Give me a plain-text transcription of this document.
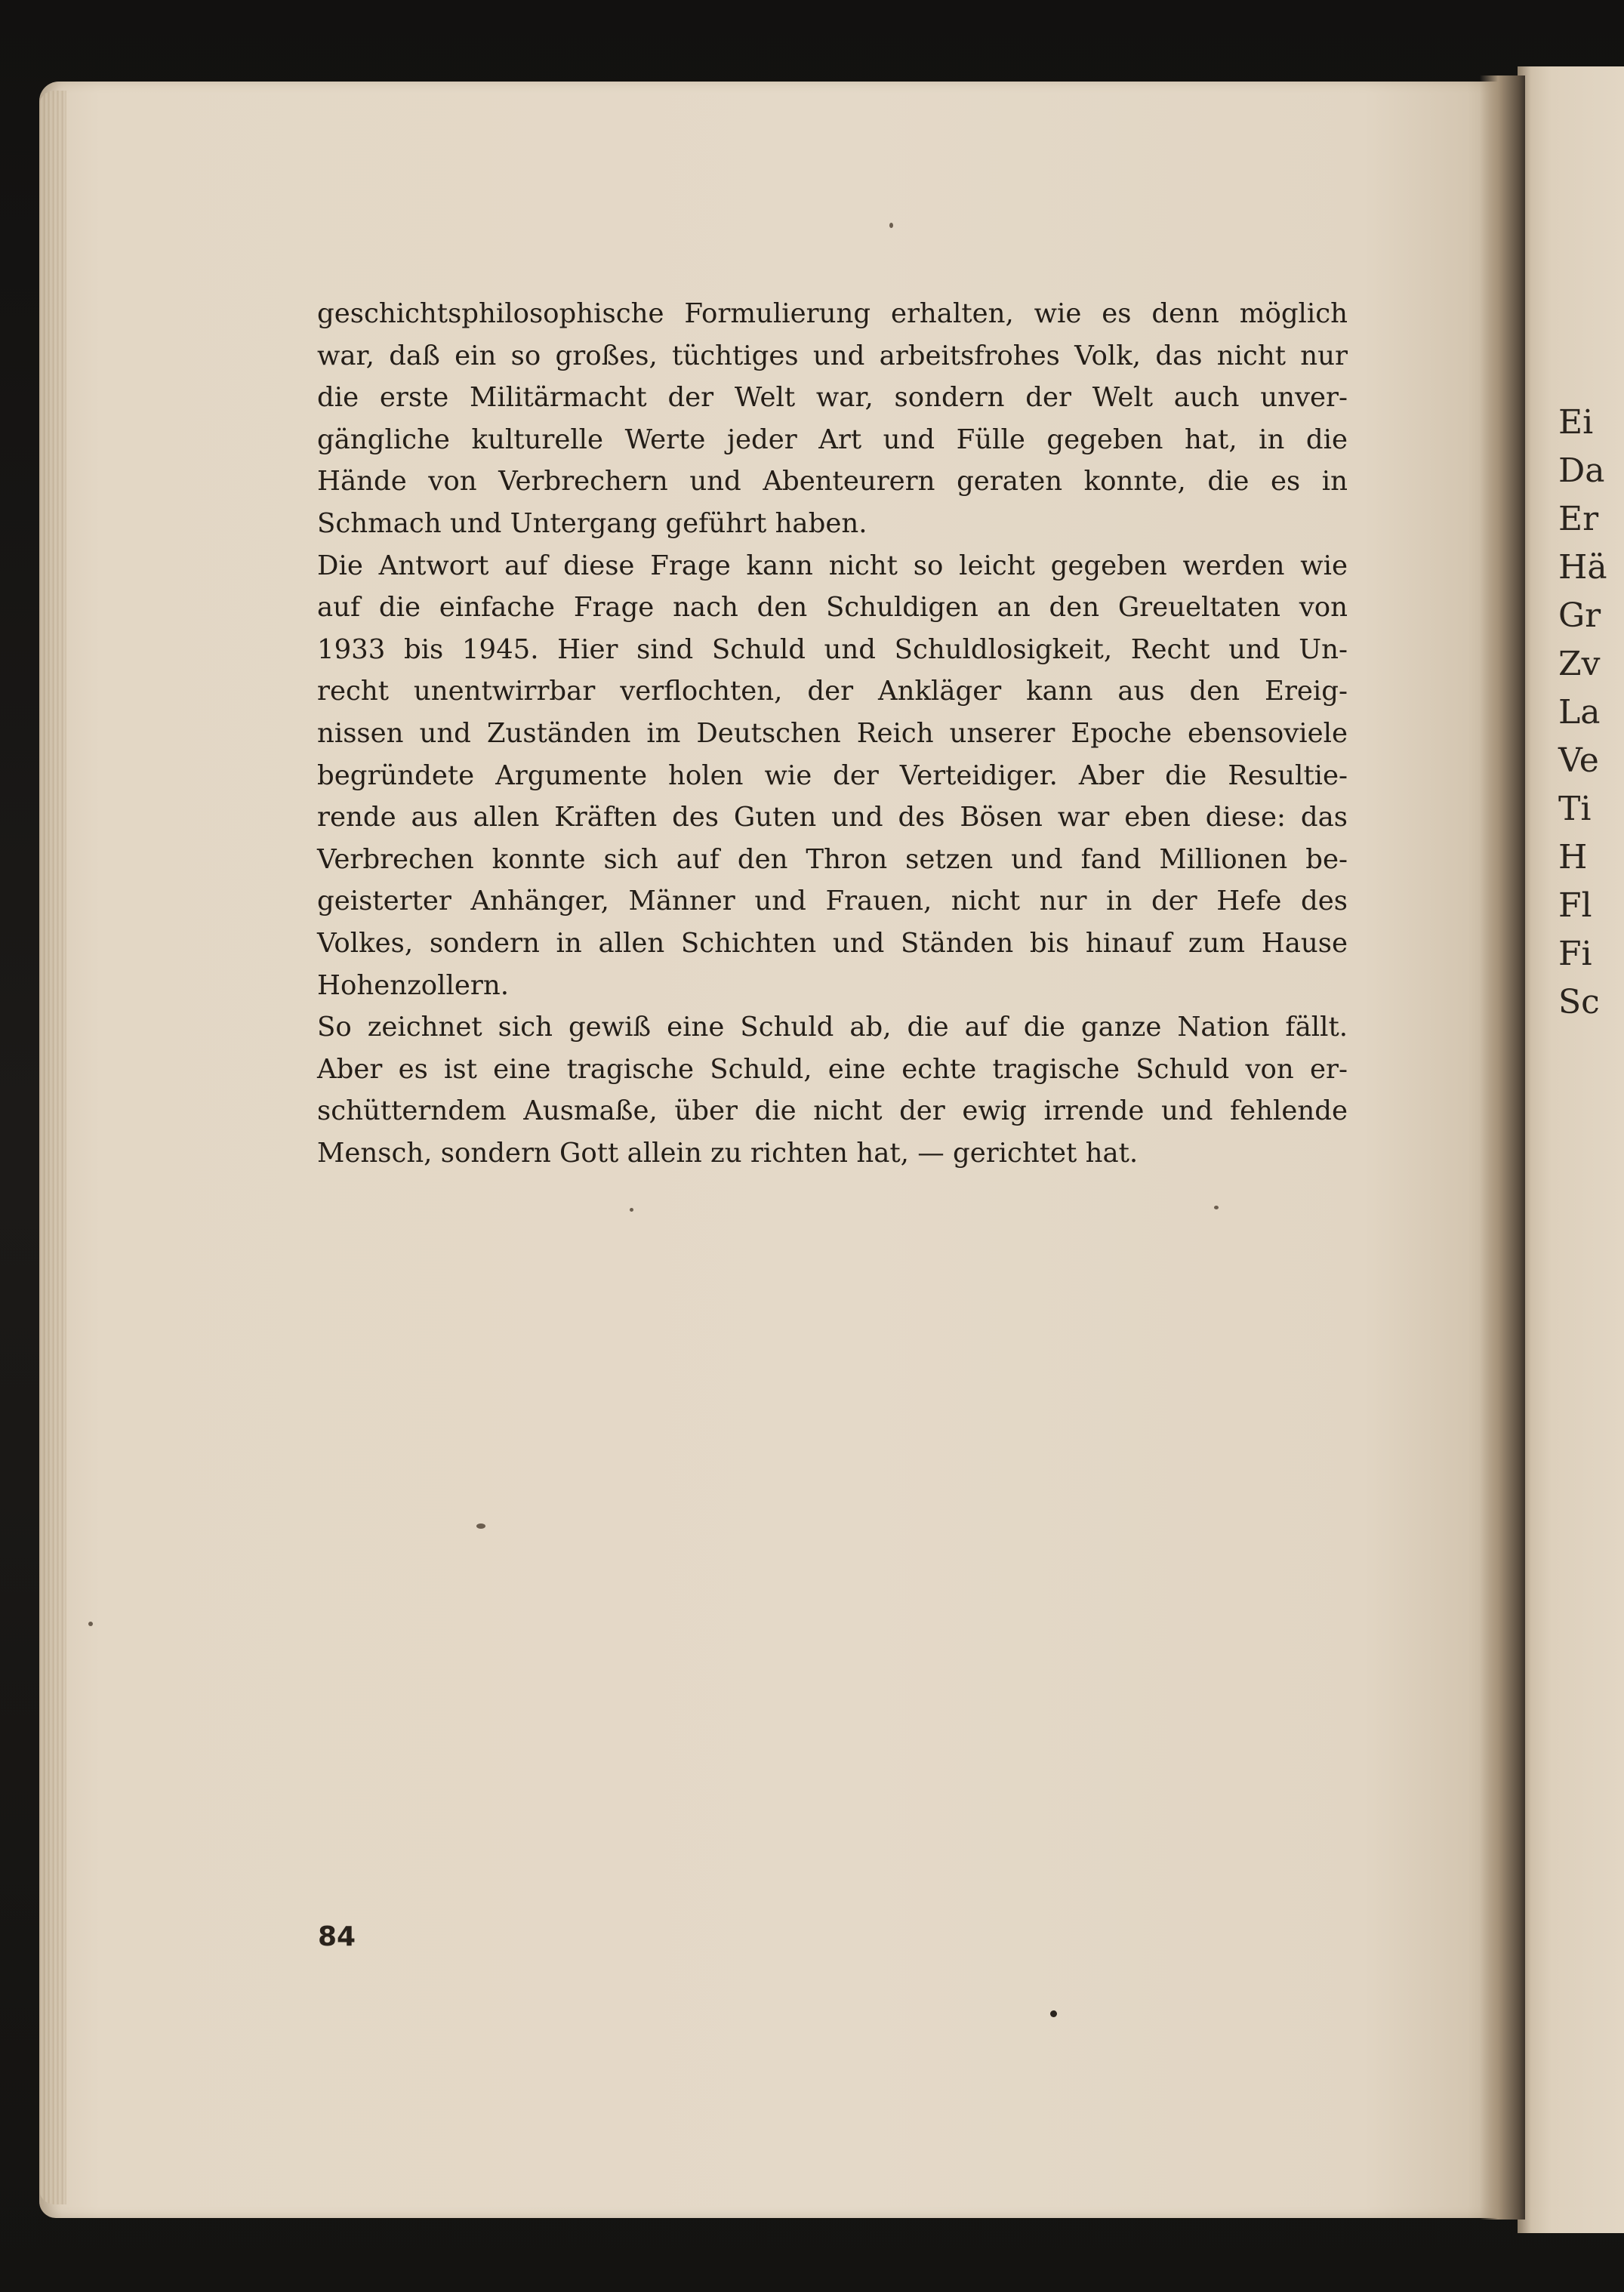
Ei
Da
Er
Hä
Gr
Zv
La
Ve
Ti
H
Fl
Fi
Sc
geschichtsphilosophische Formulierung erhalten, wie es denn möglich
war, daß ein so großes, tüchtiges und arbeitsfrohes Volk, das nicht nur
die erste Militärmacht der Welt war, sondern der Welt auch unver-
gängliche kulturelle Werte jeder Art und Fülle gegeben hat, in die
Hände von Verbrechern und Abenteurern geraten konnte, die es in
Schmach und Untergang geführt haben.
Die Antwort auf diese Frage kann nicht so leicht gegeben werden wie
auf die einfache Frage nach den Schuldigen an den Greueltaten von
1933 bis 1945. Hier sind Schuld und Schuldlosigkeit, Recht und Un-
recht unentwirrbar verflochten, der Ankläger kann aus den Ereig-
nissen und Zuständen im Deutschen Reich unserer Epoche ebensoviele
begründete Argumente holen wie der Verteidiger. Aber die Resultie-
rende aus allen Kräften des Guten und des Bösen war eben diese: das
Verbrechen konnte sich auf den Thron setzen und fand Millionen be-
geisterter Anhänger, Männer und Frauen, nicht nur in der Hefe des
Volkes, sondern in allen Schichten und Ständen bis hinauf zum Hause
Hohenzollern.
So zeichnet sich gewiß eine Schuld ab, die auf die ganze Nation fällt.
Aber es ist eine tragische Schuld, eine echte tragische Schuld von er-
schütterndem Ausmaße, über die nicht der ewig irrende und fehlende
Mensch, sondern Gott allein zu richten hat, — gerichtet hat.
84
